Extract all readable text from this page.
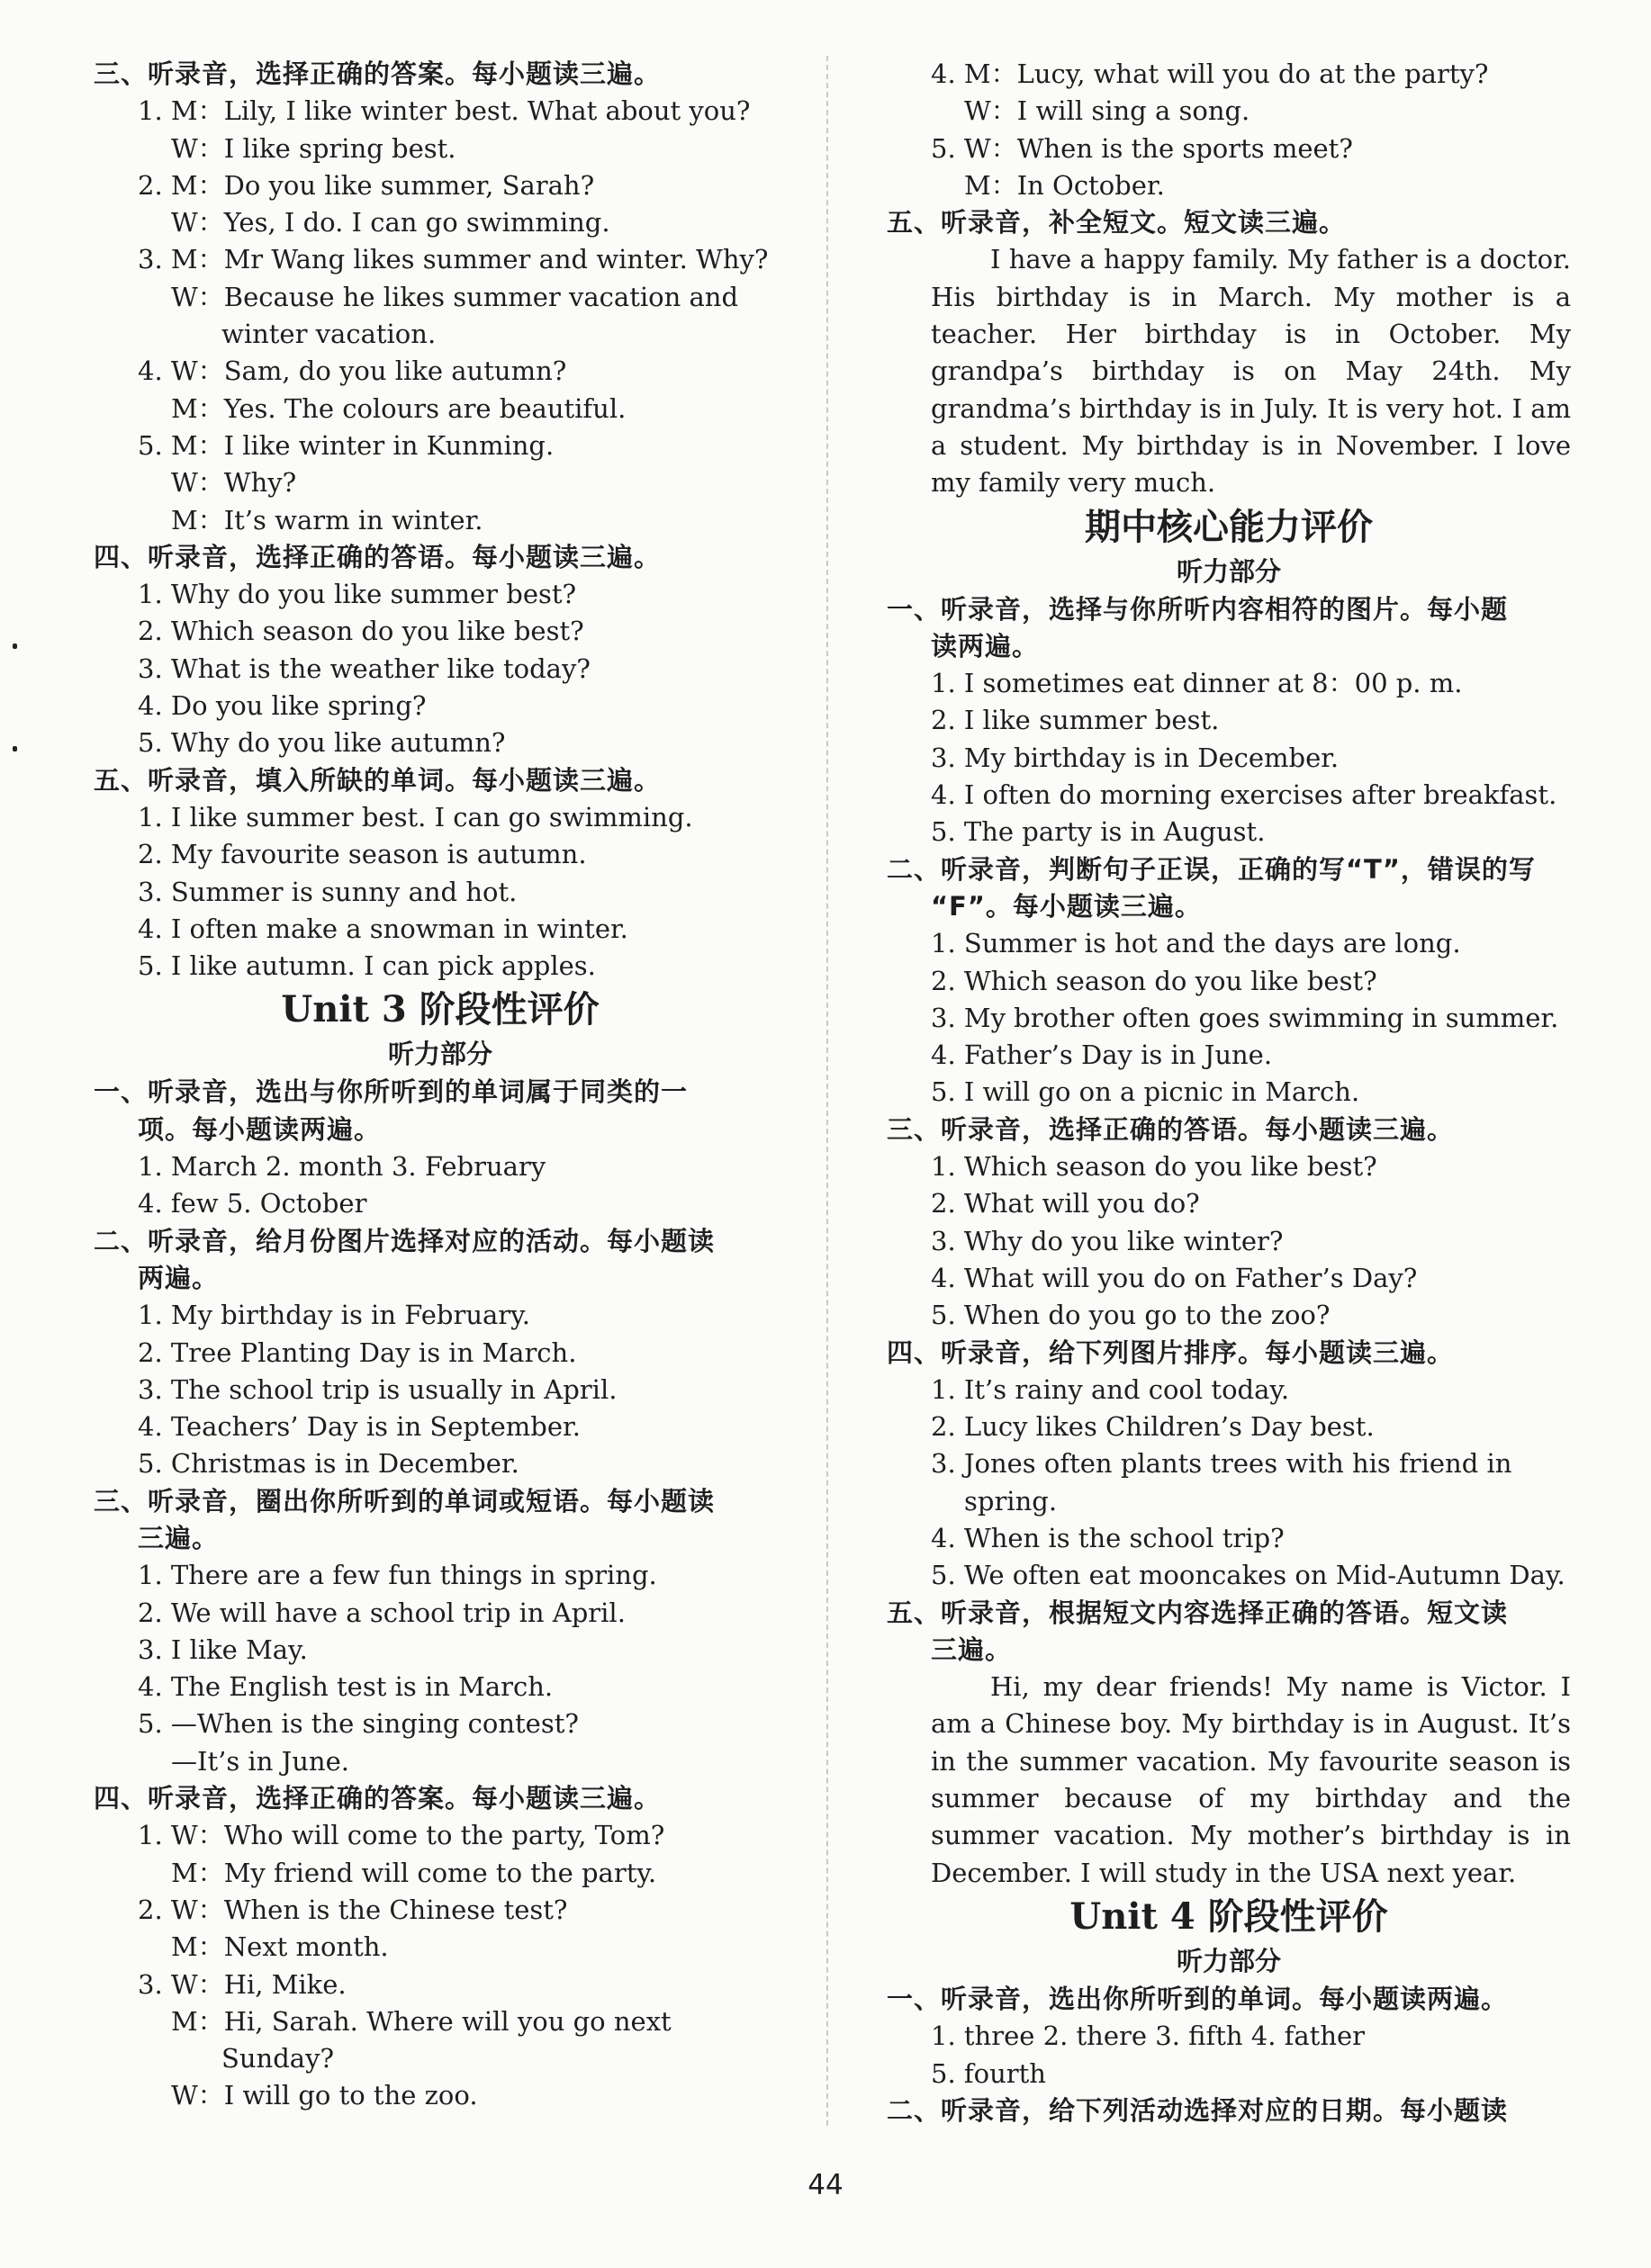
三、听录音，选择正确的答案。每小题读三遍。
1. M：Lily, I like winter best. What about you?
W：I like spring best.
2. M：Do you like summer, Sarah?
W：Yes, I do. I can go swimming.
3. M：Mr Wang likes summer and winter. Why?
W：Because he likes summer vacation and
winter vacation.
4. W：Sam, do you like autumn?
M：Yes. The colours are beautiful.
5. M：I like winter in Kunming.
W：Why?
M：It’s warm in winter.
四、听录音，选择正确的答语。每小题读三遍。
1. Why do you like summer best?
2. Which season do you like best?
3. What is the weather like today?
4. Do you like spring?
5. Why do you like autumn?
五、听录音，填入所缺的单词。每小题读三遍。
1. I like summer best. I can go swimming.
2. My favourite season is autumn.
3. Summer is sunny and hot.
4. I often make a snowman in winter.
5. I like autumn. I can pick apples.
Unit 3 阶段性评价
听力部分
一、听录音，选出与你所听到的单词属于同类的一
项。每小题读两遍。
1. March 2. month 3. February
4. few 5. October
二、听录音，给月份图片选择对应的活动。每小题读
两遍。
1. My birthday is in February.
2. Tree Planting Day is in March.
3. The school trip is usually in April.
4. Teachers’ Day is in September.
5. Christmas is in December.
三、听录音，圈出你所听到的单词或短语。每小题读
三遍。
1. There are a few fun things in spring.
2. We will have a school trip in April.
3. I like May.
4. The English test is in March.
5. —When is the singing contest?
—It’s in June.
四、听录音，选择正确的答案。每小题读三遍。
1. W：Who will come to the party, Tom?
M：My friend will come to the party.
2. W：When is the Chinese test?
M：Next month.
3. W：Hi, Mike.
M：Hi, Sarah. Where will you go next
Sunday?
W：I will go to the zoo.
4. M：Lucy, what will you do at the party?
W：I will sing a song.
5. W：When is the sports meet?
M：In October.
五、听录音，补全短文。短文读三遍。

I have a happy family. My father is a doctor. His birthday is in March. My mother is a teacher. Her birthday is in October. My grandpa’s birthday is on May 24th. My grandma’s birthday is in July. It is very hot. I am a student. My birthday is in November. I love my family very much.

期中核心能力评价
听力部分
一、听录音，选择与你所听内容相符的图片。每小题
读两遍。
1. I sometimes eat dinner at 8：00 p. m.
2. I like summer best.
3. My birthday is in December.
4. I often do morning exercises after breakfast.
5. The party is in August.
二、听录音，判断句子正误，正确的写“T”，错误的写
“F”。每小题读三遍。
1. Summer is hot and the days are long.
2. Which season do you like best?
3. My brother often goes swimming in summer.
4. Father’s Day is in June.
5. I will go on a picnic in March.
三、听录音，选择正确的答语。每小题读三遍。
1. Which season do you like best?
2. What will you do?
3. Why do you like winter?
4. What will you do on Father’s Day?
5. When do you go to the zoo?
四、听录音，给下列图片排序。每小题读三遍。
1. It’s rainy and cool today.
2. Lucy likes Children’s Day best.
3. Jones often plants trees with his friend in
spring.
4. When is the school trip?
5. We often eat mooncakes on Mid-Autumn Day.
五、听录音，根据短文内容选择正确的答语。短文读
三遍。

Hi, my dear friends! My name is Victor. I am a Chinese boy. My birthday is in August. It’s in the summer vacation. My favourite season is summer because of my birthday and the summer vacation. My mother’s birthday is in December. I will study in the USA next year.

Unit 4 阶段性评价
听力部分
一、听录音，选出你所听到的单词。每小题读两遍。
1. three 2. there 3. fifth 4. father
5. fourth
二、听录音，给下列活动选择对应的日期。每小题读
44
